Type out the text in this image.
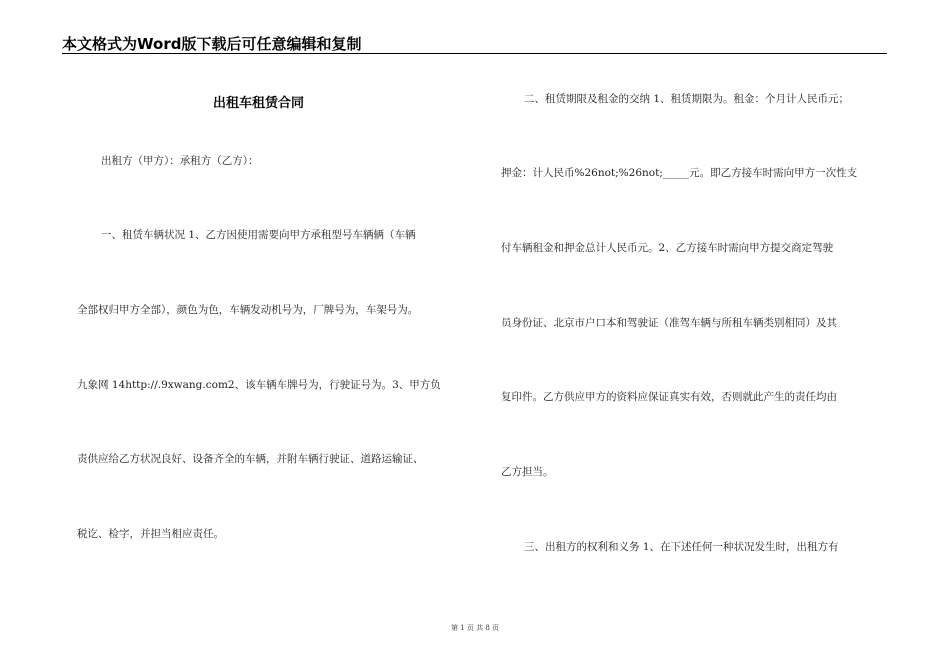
本文格式为Word版下载后可任意编辑和复制
出租车租赁合同
出租方（甲方）：承租方（乙方）：
一、租赁车辆状况 1、乙方因使用需要向甲方承租型号车辆辆（车辆
全部权归甲方全部），颜色为色，车辆发动机号为，厂牌号为，车架号为。
九象网 14http://.9xwang.com2、该车辆车牌号为，行驶证号为。3、甲方负
责供应给乙方状况良好、设备齐全的车辆，并附车辆行驶证、道路运输证、
税讫、检字，并担当相应责任。
二、租赁期限及租金的交纳 1、租赁期限为。租金：个月计人民币元；
押金：计人民币%26not;%26not;_____元。即乙方接车时需向甲方一次性支
付车辆租金和押金总计人民币元。2、乙方接车时需向甲方提交商定驾驶
员身份证、北京市户口本和驾驶证（准驾车辆与所租车辆类别相同）及其
复印件。乙方供应甲方的资料应保证真实有效，否则就此产生的责任均由
乙方担当。
三、出租方的权利和义务 1、在下述任何一种状况发生时，出租方有
第 1 页 共 8 页
